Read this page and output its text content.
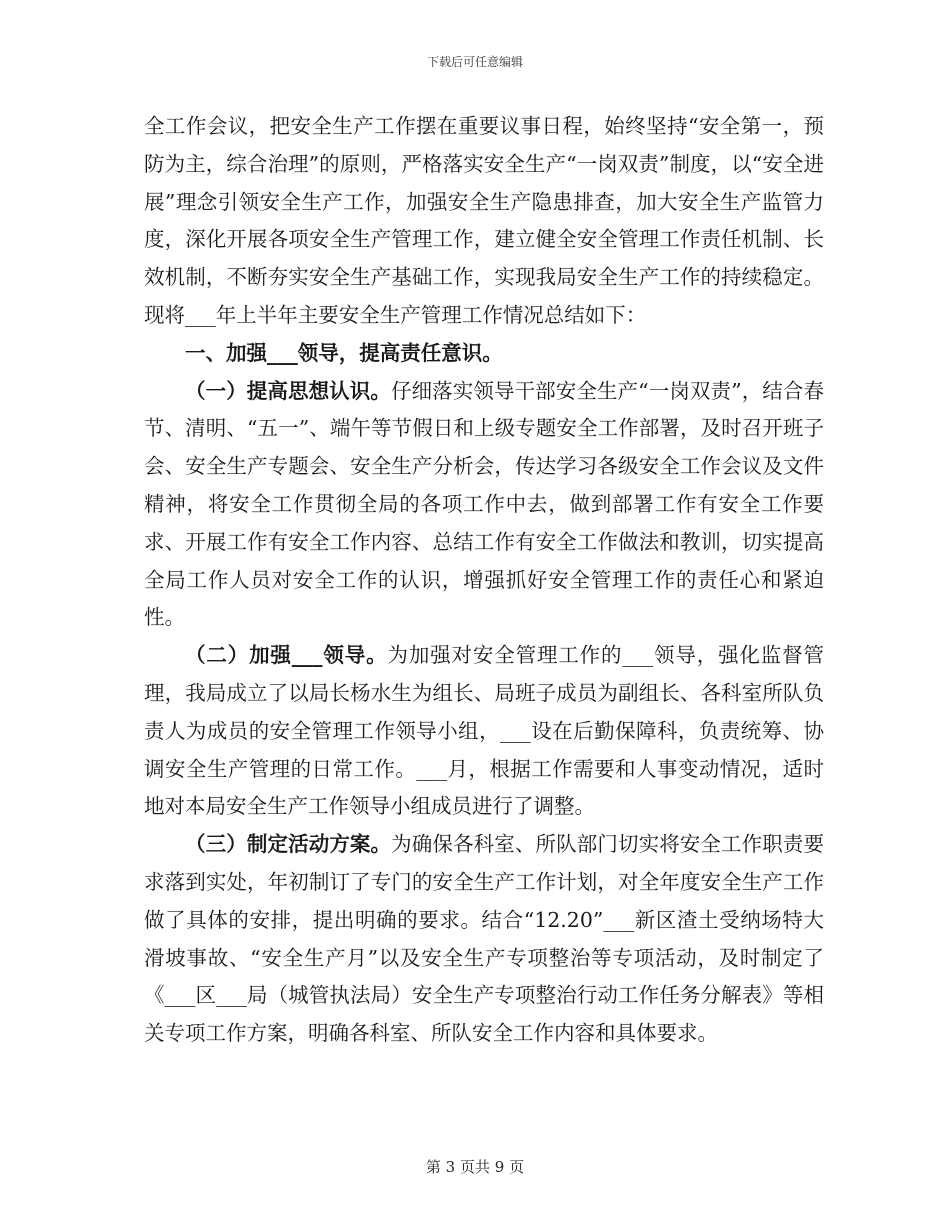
下载后可任意编辑

全工作会议，把安全生产工作摆在重要议事日程，始终坚持“安全第一，预防为主，综合治理”的原则，严格落实安全生产“一岗双责”制度，以“安全进展”理念引领安全生产工作，加强安全生产隐患排查，加大安全生产监管力度，深化开展各项安全生产管理工作，建立健全安全管理工作责任机制、长效机制，不断夯实安全生产基础工作，实现我局安全生产工作的持续稳定。现将___年上半年主要安全生产管理工作情况总结如下：

一、加强___领导，提高责任意识。

（一）提高思想认识。仔细落实领导干部安全生产“一岗双责”，结合春节、清明、“五一”、端午等节假日和上级专题安全工作部署，及时召开班子会、安全生产专题会、安全生产分析会，传达学习各级安全工作会议及文件精神，将安全工作贯彻全局的各项工作中去，做到部署工作有安全工作要求、开展工作有安全工作内容、总结工作有安全工作做法和教训，切实提高全局工作人员对安全工作的认识，增强抓好安全管理工作的责任心和紧迫性。

（二）加强___领导。为加强对安全管理工作的___领导，强化监督管理，我局成立了以局长杨水生为组长、局班子成员为副组长、各科室所队负责人为成员的安全管理工作领导小组，___设在后勤保障科，负责统筹、协调安全生产管理的日常工作。___月，根据工作需要和人事变动情况，适时地对本局安全生产工作领导小组成员进行了调整。

（三）制定活动方案。为确保各科室、所队部门切实将安全工作职责要求落到实处，年初制订了专门的安全生产工作计划，对全年度安全生产工作做了具体的安排，提出明确的要求。结合“12.20”___新区渣土受纳场特大滑坡事故、“安全生产月”以及安全生产专项整治等专项活动，及时制定了《___区___局（城管执法局）安全生产专项整治行动工作任务分解表》等相关专项工作方案，明确各科室、所队安全工作内容和具体要求。

第 3 页共 9 页
